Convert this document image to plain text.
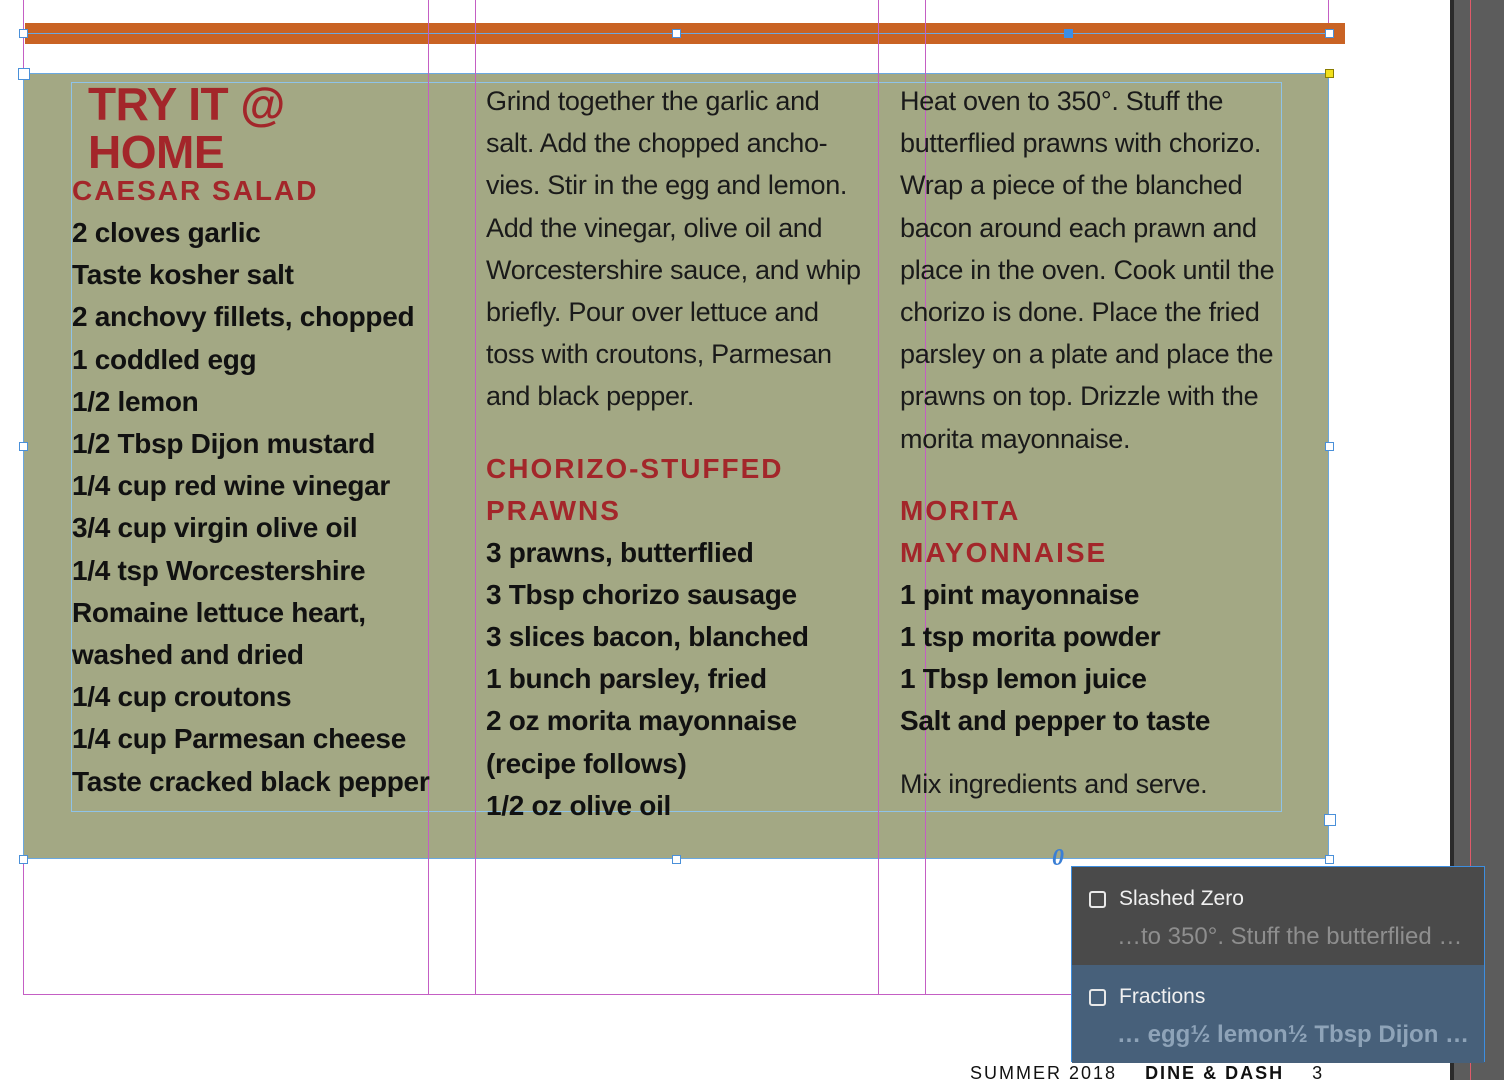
TRY IT @ HOME
CAESAR SALAD

2 cloves garlic

Taste kosher salt

2 anchovy fillets, chopped

1 coddled egg

1/2 lemon

1/2 Tbsp Dijon mustard

1/4 cup red wine vinegar

3/4 cup virgin olive oil

1/4 tsp Worcestershire

Romaine lettuce heart,

washed and dried

1/4 cup croutons

1/4 cup Parmesan cheese

Taste cracked black pepper

Grind together the garlic and

salt. Add the chopped ancho-

vies. Stir in the egg and lemon.

Add the vinegar, olive oil and

Worcestershire sauce, and whip

briefly. Pour over lettuce and

toss with croutons, Parmesan

and black pepper.

CHORIZO-STUFFED
PRAWNS

3 prawns, butterflied

3 Tbsp chorizo sausage

3 slices bacon, blanched

1 bunch parsley, fried

2 oz morita mayonnaise

(recipe follows)

1/2 oz olive oil

Heat oven to 350°. Stuff the

butterflied prawns with chorizo.

Wrap a piece of the blanched

bacon around each prawn and

place in the oven. Cook until the

chorizo is done. Place the fried

parsley on a plate and place the

prawns on top. Drizzle with the

morita mayonnaise.

MORITA
MAYONNAISE

1 pint mayonnaise

1 tsp morita powder

1 Tbsp lemon juice

Salt and pepper to taste

Mix ingredients and serve.

0
Slashed Zero
…to 350°. Stuff the butterflied …
Fractions
… egg½ lemon½ Tbsp Dijon …
SUMMER 2018 DINE & DASH 3
